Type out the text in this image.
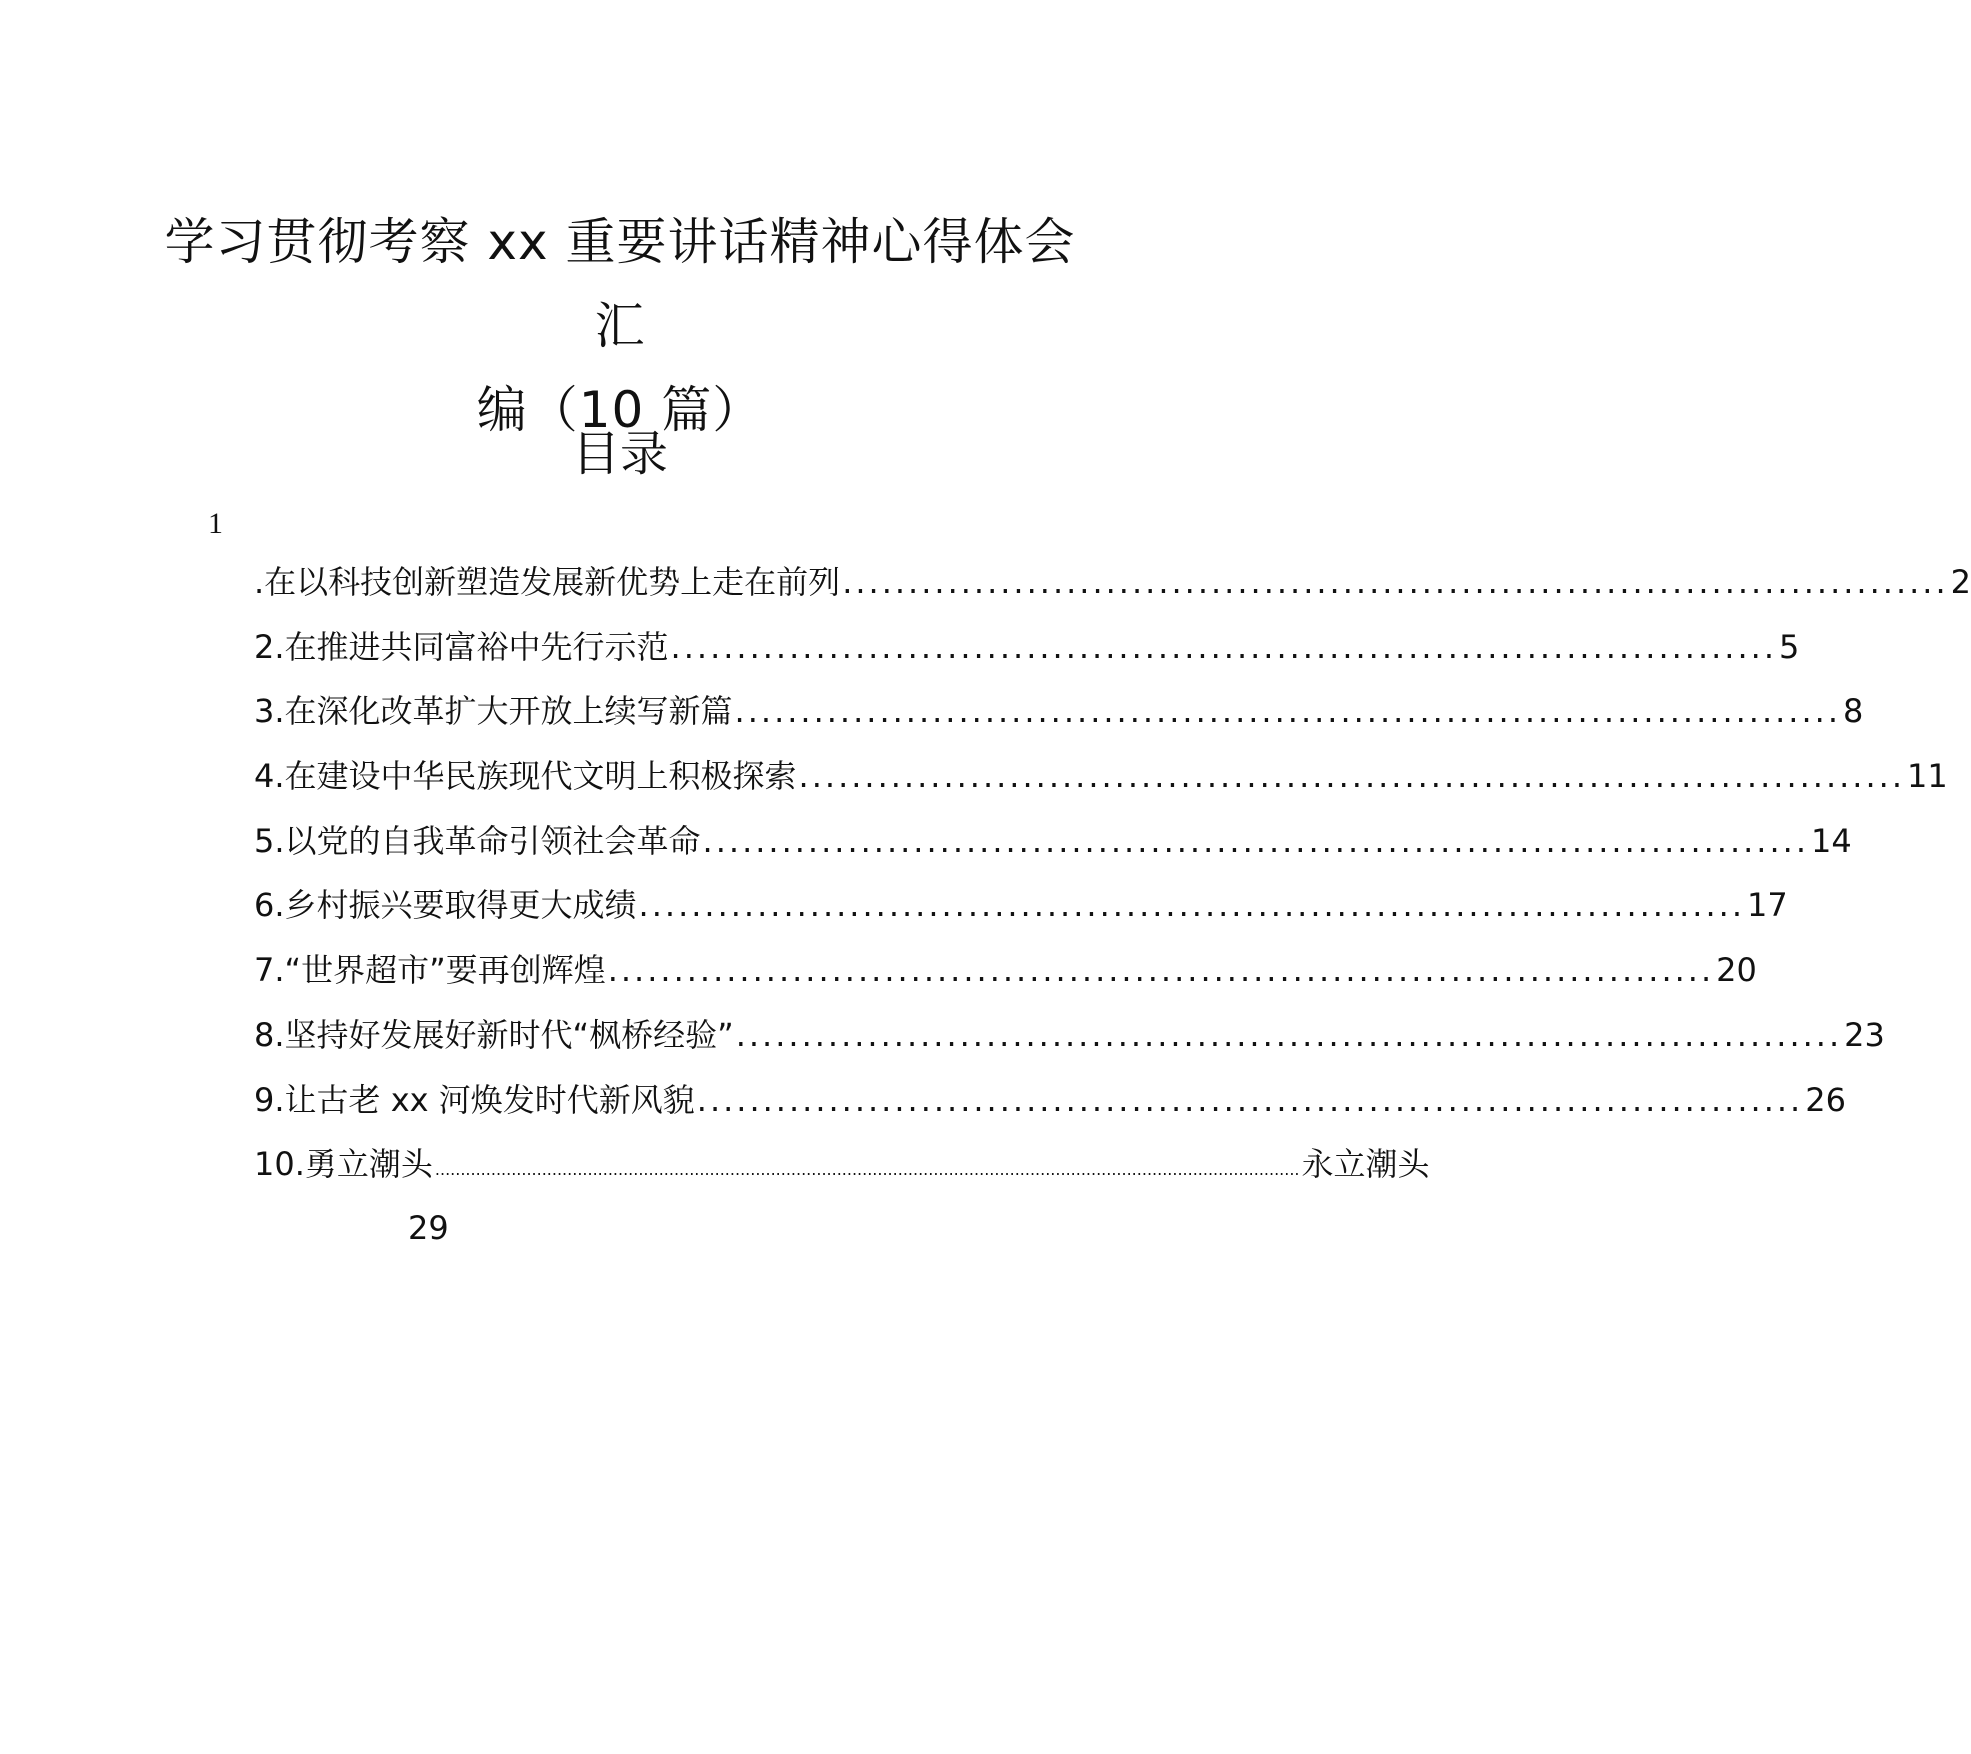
学习贯彻考察 xx 重要讲话精神心得体会汇
编（10 篇）
目录
1
.在以科技创新塑造发展新优势上走在前列 .................................................................................... 2
2.在推进共同富裕中先行示范 .................................................................................... 5
3.在深化改革扩大开放上续写新篇 .................................................................................... 8
4.在建设中华民族现代文明上积极探索 .................................................................................... 11
5.以党的自我革命引领社会革命 .................................................................................... 14
6.乡村振兴要取得更大成绩 .................................................................................... 17
7.“世界超市”要再创辉煌 .................................................................................... 20
8.坚持好发展好新时代“枫桥经验” .................................................................................... 23
9.让古老 xx 河焕发时代新风貌 .................................................................................... 26
10.勇立潮头 .......................................................................................................................................................................... 永立潮头
29
